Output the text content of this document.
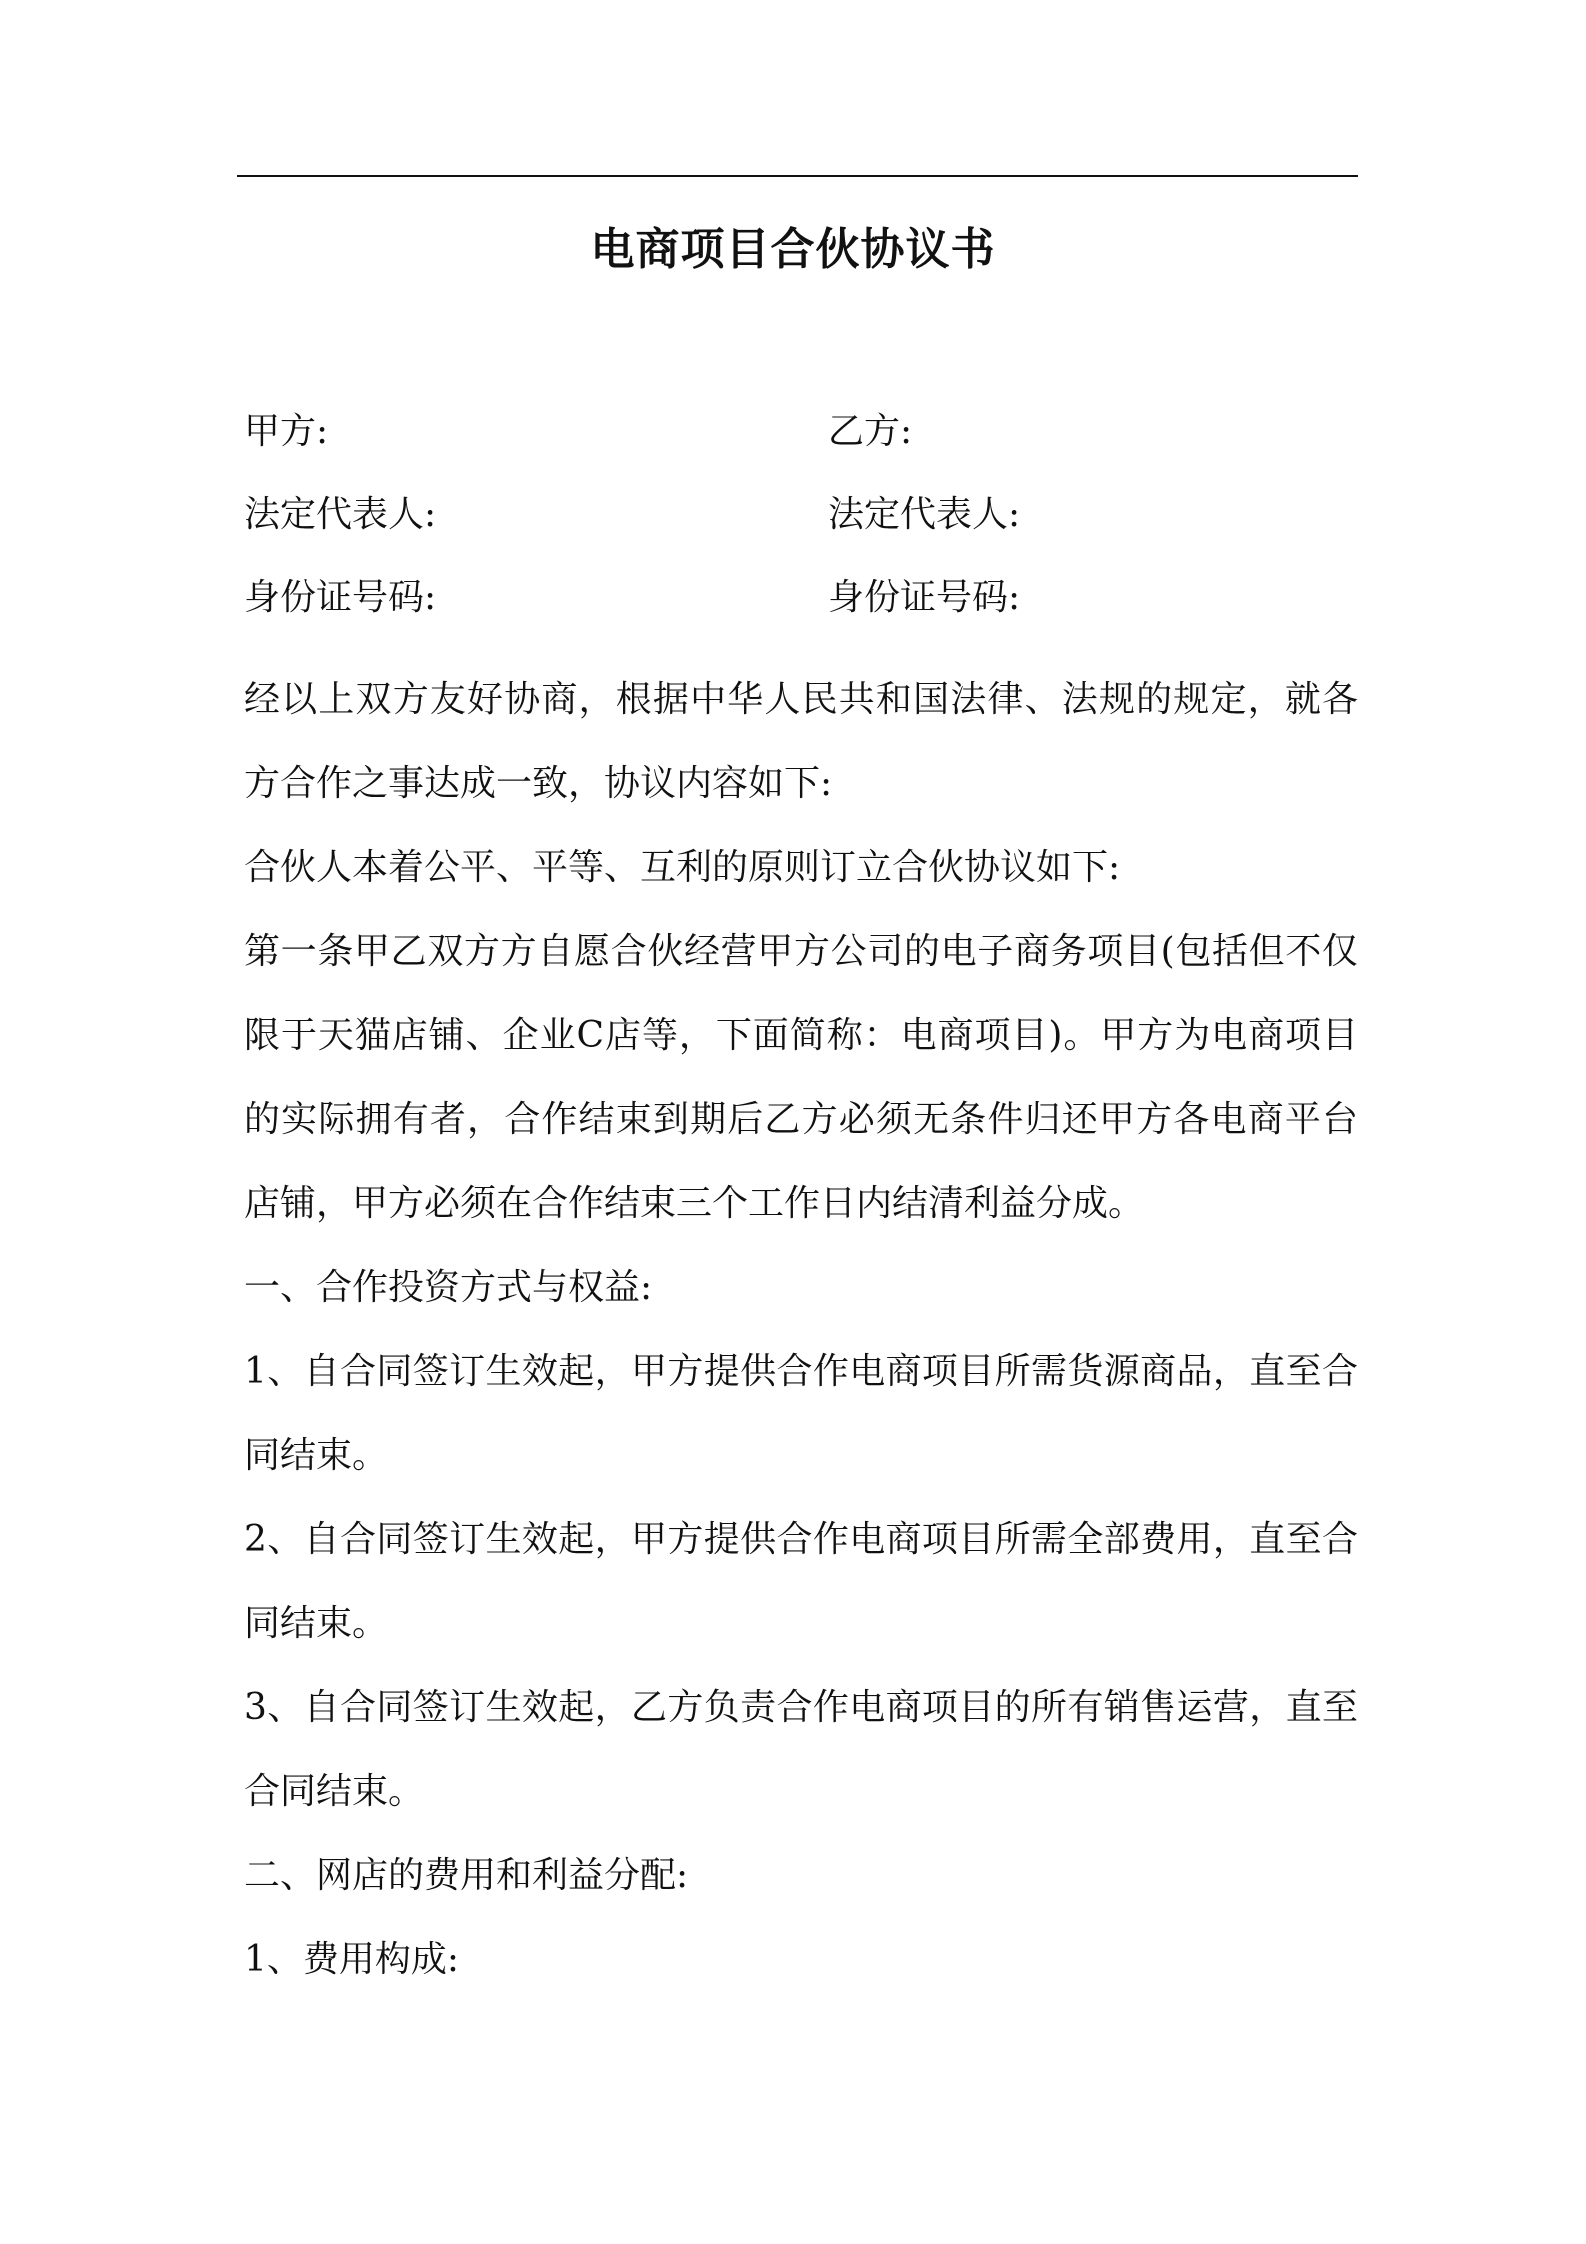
电商项目合伙协议书
甲方:	乙方:
法定代表人:	法定代表人:
身份证号码:	身份证号码:

经以上双方友好协商，根据中华人民共和国法律、法规的规定，就各方合作之事达成一致，协议内容如下:

合伙人本着公平、平等、互利的原则订立合伙协议如下:

第一条甲乙双方方自愿合伙经营甲方公司的电子商务项目(包括但不仅限于天猫店铺、企业C店等，下面简称：电商项目)。甲方为电商项目的实际拥有者，合作结束到期后乙方必须无条件归还甲方各电商平台店铺，甲方必须在合作结束三个工作日内结清利益分成。

一、合作投资方式与权益:

1、自合同签订生效起，甲方提供合作电商项目所需货源商品，直至合同结束。

2、自合同签订生效起，甲方提供合作电商项目所需全部费用，直至合同结束。

3、自合同签订生效起，乙方负责合作电商项目的所有销售运营，直至合同结束。

二、网店的费用和利益分配:

1、费用构成:
